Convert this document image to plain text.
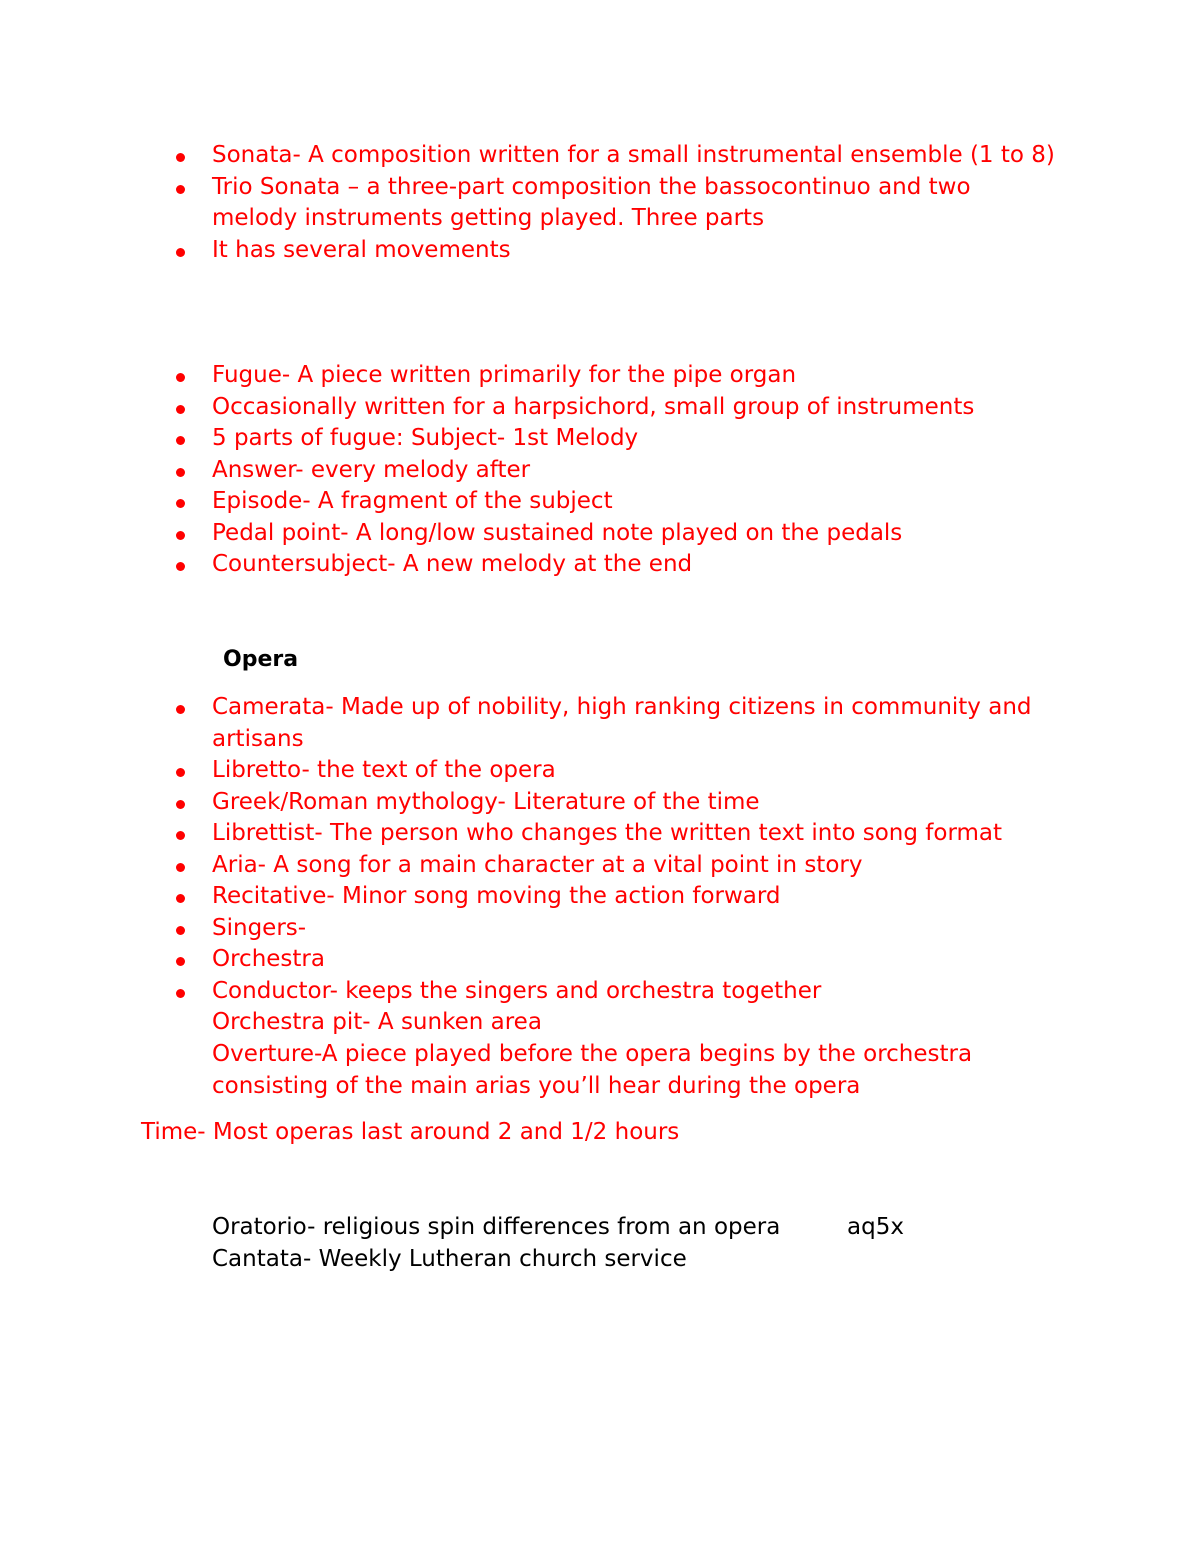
Sonata- A composition written for a small instrumental ensemble (1 to 8)
Trio Sonata – a three-part composition the bassocontinuo and two melody instruments getting played. Three parts
It has several movements
Fugue- A piece written primarily for the pipe organ
Occasionally written for a harpsichord, small group of instruments
5 parts of fugue: Subject- 1st Melody
Answer- every melody after
Episode- A fragment of the subject
Pedal point- A long/low sustained note played on the pedals
Countersubject- A new melody at the end
Opera
Camerata- Made up of nobility, high ranking citizens in community and artisans
Libretto- the text of the opera
Greek/Roman mythology- Literature of the time
Librettist- The person who changes the written text into song format
Aria- A song for a main character at a vital point in story
Recitative- Minor song moving the action forward
Singers-
Orchestra
Conductor- keeps the singers and orchestra together
Orchestra pit- A sunken area
Overture-A piece played before the opera begins by the orchestra
consisting of the main arias you’ll hear during the opera
Time- Most operas last around 2 and 1/2 hours
Oratorio- religious spin differences from an opera
Cantata- Weekly Lutheran church service
aq5x
